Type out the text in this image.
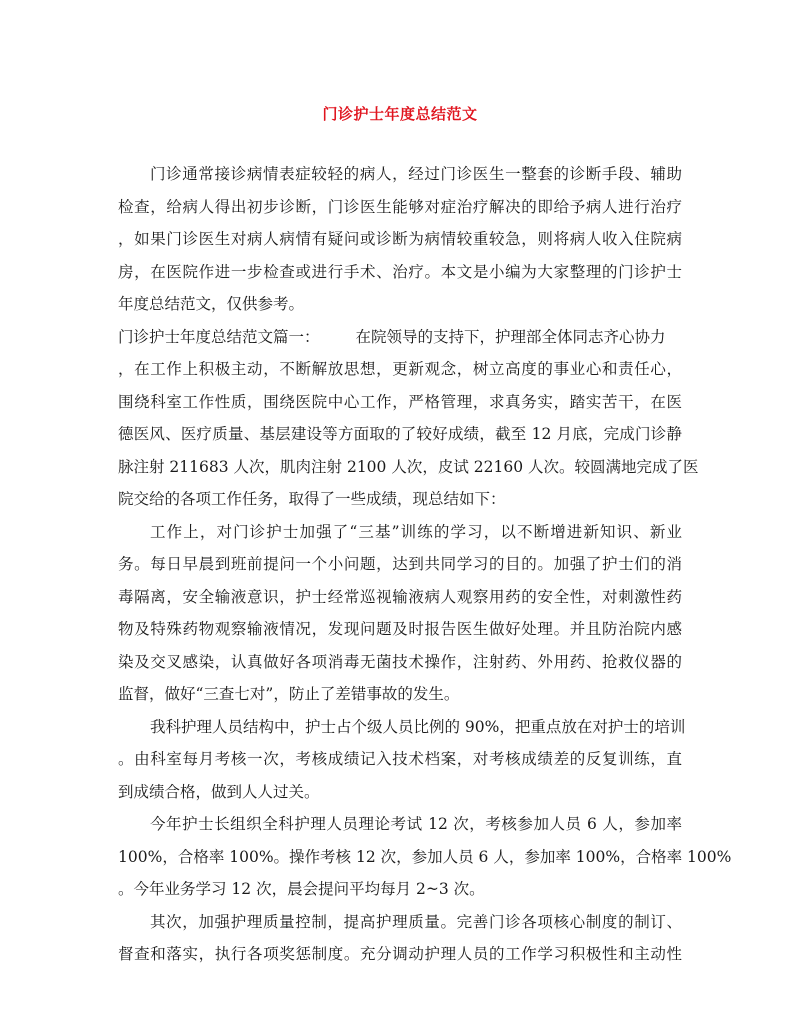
门诊护士年度总结范文
门诊通常接诊病情表症较轻的病人，经过门诊医生一整套的诊断手段、辅助
检查，给病人得出初步诊断，门诊医生能够对症治疗解决的即给予病人进行治疗
，如果门诊医生对病人病情有疑问或诊断为病情较重较急，则将病人收入住院病
房，在医院作进一步检查或进行手术、治疗。本文是小编为大家整理的门诊护士
年度总结范文，仅供参考。
门诊护士年度总结范文篇一： 在院领导的支持下，护理部全体同志齐心协力
，在工作上积极主动，不断解放思想，更新观念，树立高度的事业心和责任心，
围绕科室工作性质，围绕医院中心工作，严格管理，求真务实，踏实苦干，在医
德医风、医疗质量、基层建设等方面取的了较好成绩，截至 12 月底，完成门诊静
脉注射 211683 人次，肌肉注射 2100 人次，皮试 22160 人次。较圆满地完成了医
院交给的各项工作任务，取得了一些成绩，现总结如下：
工作上，对门诊护士加强了“三基”训练的学习，以不断增进新知识、新业
务。每日早晨到班前提问一个小问题，达到共同学习的目的。加强了护士们的消
毒隔离，安全输液意识，护士经常巡视输液病人观察用药的安全性，对刺激性药
物及特殊药物观察输液情况，发现问题及时报告医生做好处理。并且防治院内感
染及交叉感染，认真做好各项消毒无菌技术操作，注射药、外用药、抢救仪器的
监督，做好“三查七对”，防止了差错事故的发生。
我科护理人员结构中，护士占个级人员比例的 90%，把重点放在对护士的培训
。由科室每月考核一次，考核成绩记入技术档案，对考核成绩差的反复训练，直
到成绩合格，做到人人过关。
今年护士长组织全科护理人员理论考试 12 次，考核参加人员 6 人，参加率
100%，合格率 100%。操作考核 12 次，参加人员 6 人，参加率 100%，合格率 100%
。今年业务学习 12 次，晨会提问平均每月 2~3 次。
其次，加强护理质量控制，提高护理质量。完善门诊各项核心制度的制订、
督查和落实，执行各项奖惩制度。充分调动护理人员的工作学习积极性和主动性
